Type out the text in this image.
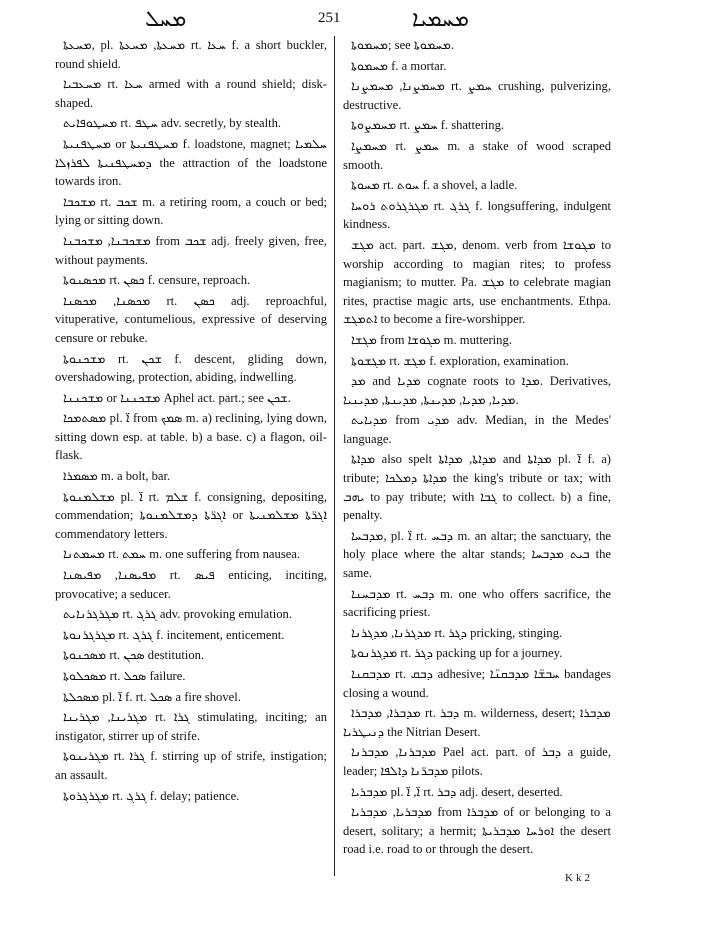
ܡܚܠ	251	ܡܚܡܝܐ

ܡܚܥܬܐ, pl. ܡܚܥܬܐ, ܡܚܥܬܐ rt. ܚܥܐ f. a short buckler, round shield.

ܡܚܥܒܝܐ rt. ܚܥܐ armed with a round shield; disk-shaped.

ܡܚܛܘܦܐܝܬ rt. ܚܛܦ adv. secretly, by stealth.

ܡܚܛܦܢܝܬܐ or ܡܚܛܦܢܝܬܐ f. loadstone, magnet; ܚܠܡܝܐ ܕܡܚܛܦܢܝܬܐ ܠܦܪܙܠܐ the attraction of the loadstone towards iron.

ܡܫܟܒܐ rt. ܫܟܒ m. a retiring room, a couch or bed; lying or sitting down.

ܡܫܟܒܢܐ, ܡܫܟܒܢܐ from ܫܟܒ adj. freely given, free, without payments.

ܡܟܣܢܘܬܐ rt. ܟܣܢ f. censure, reproach.

ܡܟܣܢܐ, ܡܟܣܢܐ rt. ܟܣܢ adj. reproachful, vituperative, contumelious, expressive of deserving censure or rebuke.

ܡܫܟܢܘܬܐ rt. ܫܟܢ f. descent, gliding down, overshadowing, protection, abiding, indwelling.

ܡܫܟܢܢܐ or ܡܫܟܢܢܐ Aphel act. part.; see ܫܟܢ.

ܡܣܬܡܟܐ pl. ܐ̈ from ܣܡܟ m. a) reclining, lying down, sitting down esp. at table. b) a base. c) a flagon, oil-flask.

ܡܣܡܪܐ m. a bolt, bar.

ܡܫܠܡܢܘܬܐ pl. ܐ̈ rt. ܫܠܡ f. consigning, depositing, commendation; ܐܓܪ̈ܬܐ ܕܡܫܠܡܢܘܬܐ or ܐܓܪ̈ܬܐ ܡܫܠܡܢܝܬܐ commendatory letters.

ܡܚܡܬܢܐ rt. ܚܡܬ m. one suffering from nausea.

ܡܦܝܣܢܐ, ܡܦܝܣܢܐ rt. ܦܝܣ enticing, inciting, provocative; a seducer.

ܡܓܪܓܪܢܐܝܬ rt. ܓܪܓ adv. provoking emulation.

ܡܓܪܓܪܢܘܬܐ rt. ܓܪܓ f. incitement, enticement.

ܡܣܟܢܘܬܐ rt. ܣܟܢ destitution.

ܡܣܟܠܘܬܐ rt. ܣܟܠ failure.

ܡܣܟܠܬܐ pl. ܐ̈ f. rt. ܣܟܠ a fire shovel.

ܡܓܪܝܢܐ, ܡܓܪܝܢܐ rt. ܓܪܐ stimulating, inciting; an instigator, stirrer up of strife.

ܡܓܪܝܢܘܬܐ rt. ܓܪܐ f. stirring up of strife, instigation; an assault.

ܡܓܪܓܪܘܬܐ rt. ܓܪܓ f. delay; patience.

ܡܚܡܘܬܐ; see ܡܚܡܘܬܐ.

ܡܚܡܘܬܐ f. a mortar.

ܡܚܡܨܢܐ, ܡܚܡܨܢܐ rt. ܚܡܨ crushing, pulverizing, destructive.

ܡܚܡܨܘܬܐ rt. ܚܡܨ f. shattering.

ܡܚܡܨܐ rt. ܚܡܨ m. a stake of wood scraped smooth.

ܡܚܘܬܐ rt. ܚܘܬ f. a shovel, a ladle.

ܡܓܪܓܪܘܬ ܪܘܚܐ rt. ܓܪܓ f. longsuffering, indulgent kindness.

ܡܓܫ act. part. ܡܓܫ, denom. verb from ܡܓܘܫܐ to worship according to magian rites; to profess magianism; to mutter. Pa. ܡܓܫ to celebrate magian rites, practise magic arts, use enchantments. Ethpa. ܐܬܡܓܫ to become a fire-worshipper.

ܡܓܫܐ from ܡܓܘܫܐ m. muttering.

ܡܓܫܘܬܐ rt. ܡܓܫ f. exploration, examination.

ܡܕ and ܡܕܝܐ cognate roots to ܡܕܐ. Derivatives, ܡܕܝܐ, ܡܕܝܐ, ܡܕܝܢܬܐ, ܡܕܝܢܬܐ, ܡܕܝܢܝܐ.

ܡܕܝܐܝܬ from ܡܕܝ adv. Median, in the Medes' language.

ܡܕܐܬܐ also spelt ܡܕܐܬܐ, ܡܕܐܬܐ and ܡܕܐܬܐ pl. ܐ̈ f. a) tribute; ܡܕܐܬܐ ܕܡܠܟܐ the king's tribute or tax; with ܝܗܒ to pay tribute; with ܓܒܐ to collect. b) a fine, penalty.

ܡܕܒܚܐ, pl. ܐ̈ rt. ܕܒܚ m. an altar; the sanctuary, the holy place where the altar stands; ܒܝܬ ܡܕܒܚܐ the same.

ܡܕܒܚܢܐ rt. ܕܒܚ m. one who offers sacrifice, the sacrificing priest.

ܡܕܓܪܢܐ, ܡܕܓܪܢܐ rt. ܕܓܪ pricking, stinging.

ܡܕܓܪܢܘܬܐ rt. ܕܓܪ packing up for a journey.

ܡܕܒܩܢܐ rt. ܕܒܩ adhesive; ܚܒܫ̈ܐ ܡܕܒܩܢ̈ܐ bandages closing a wound.

ܡܕܒܪܐ, ܡܕܒܪܐ rt. ܕܒܪ m. wilderness, desert; ܡܕܒܪܐ ܕܢܝܛܪܝܐ the Nitrian Desert.

ܡܕܒܪܢܐ, ܡܕܒܪܢܐ Pael act. part. of ܕܒܪ a guide, leader; ܡܕܒܪ̈ܢܐ ܕܐܠܦܐ pilots.

ܡܕܒܪܝܐ pl. ܐ̈, ܐ̈ rt. ܕܒܪ adj. desert, deserted.

ܡܕܒܪܝܐ, ܡܕܒܪܝܐ from ܡܕܒܪܐ of or belonging to a desert, solitary; a hermit; ܐܘܪܚܐ ܡܕܒܪܝܬܐ the desert road i.e. road to or through the desert.

Kk2
